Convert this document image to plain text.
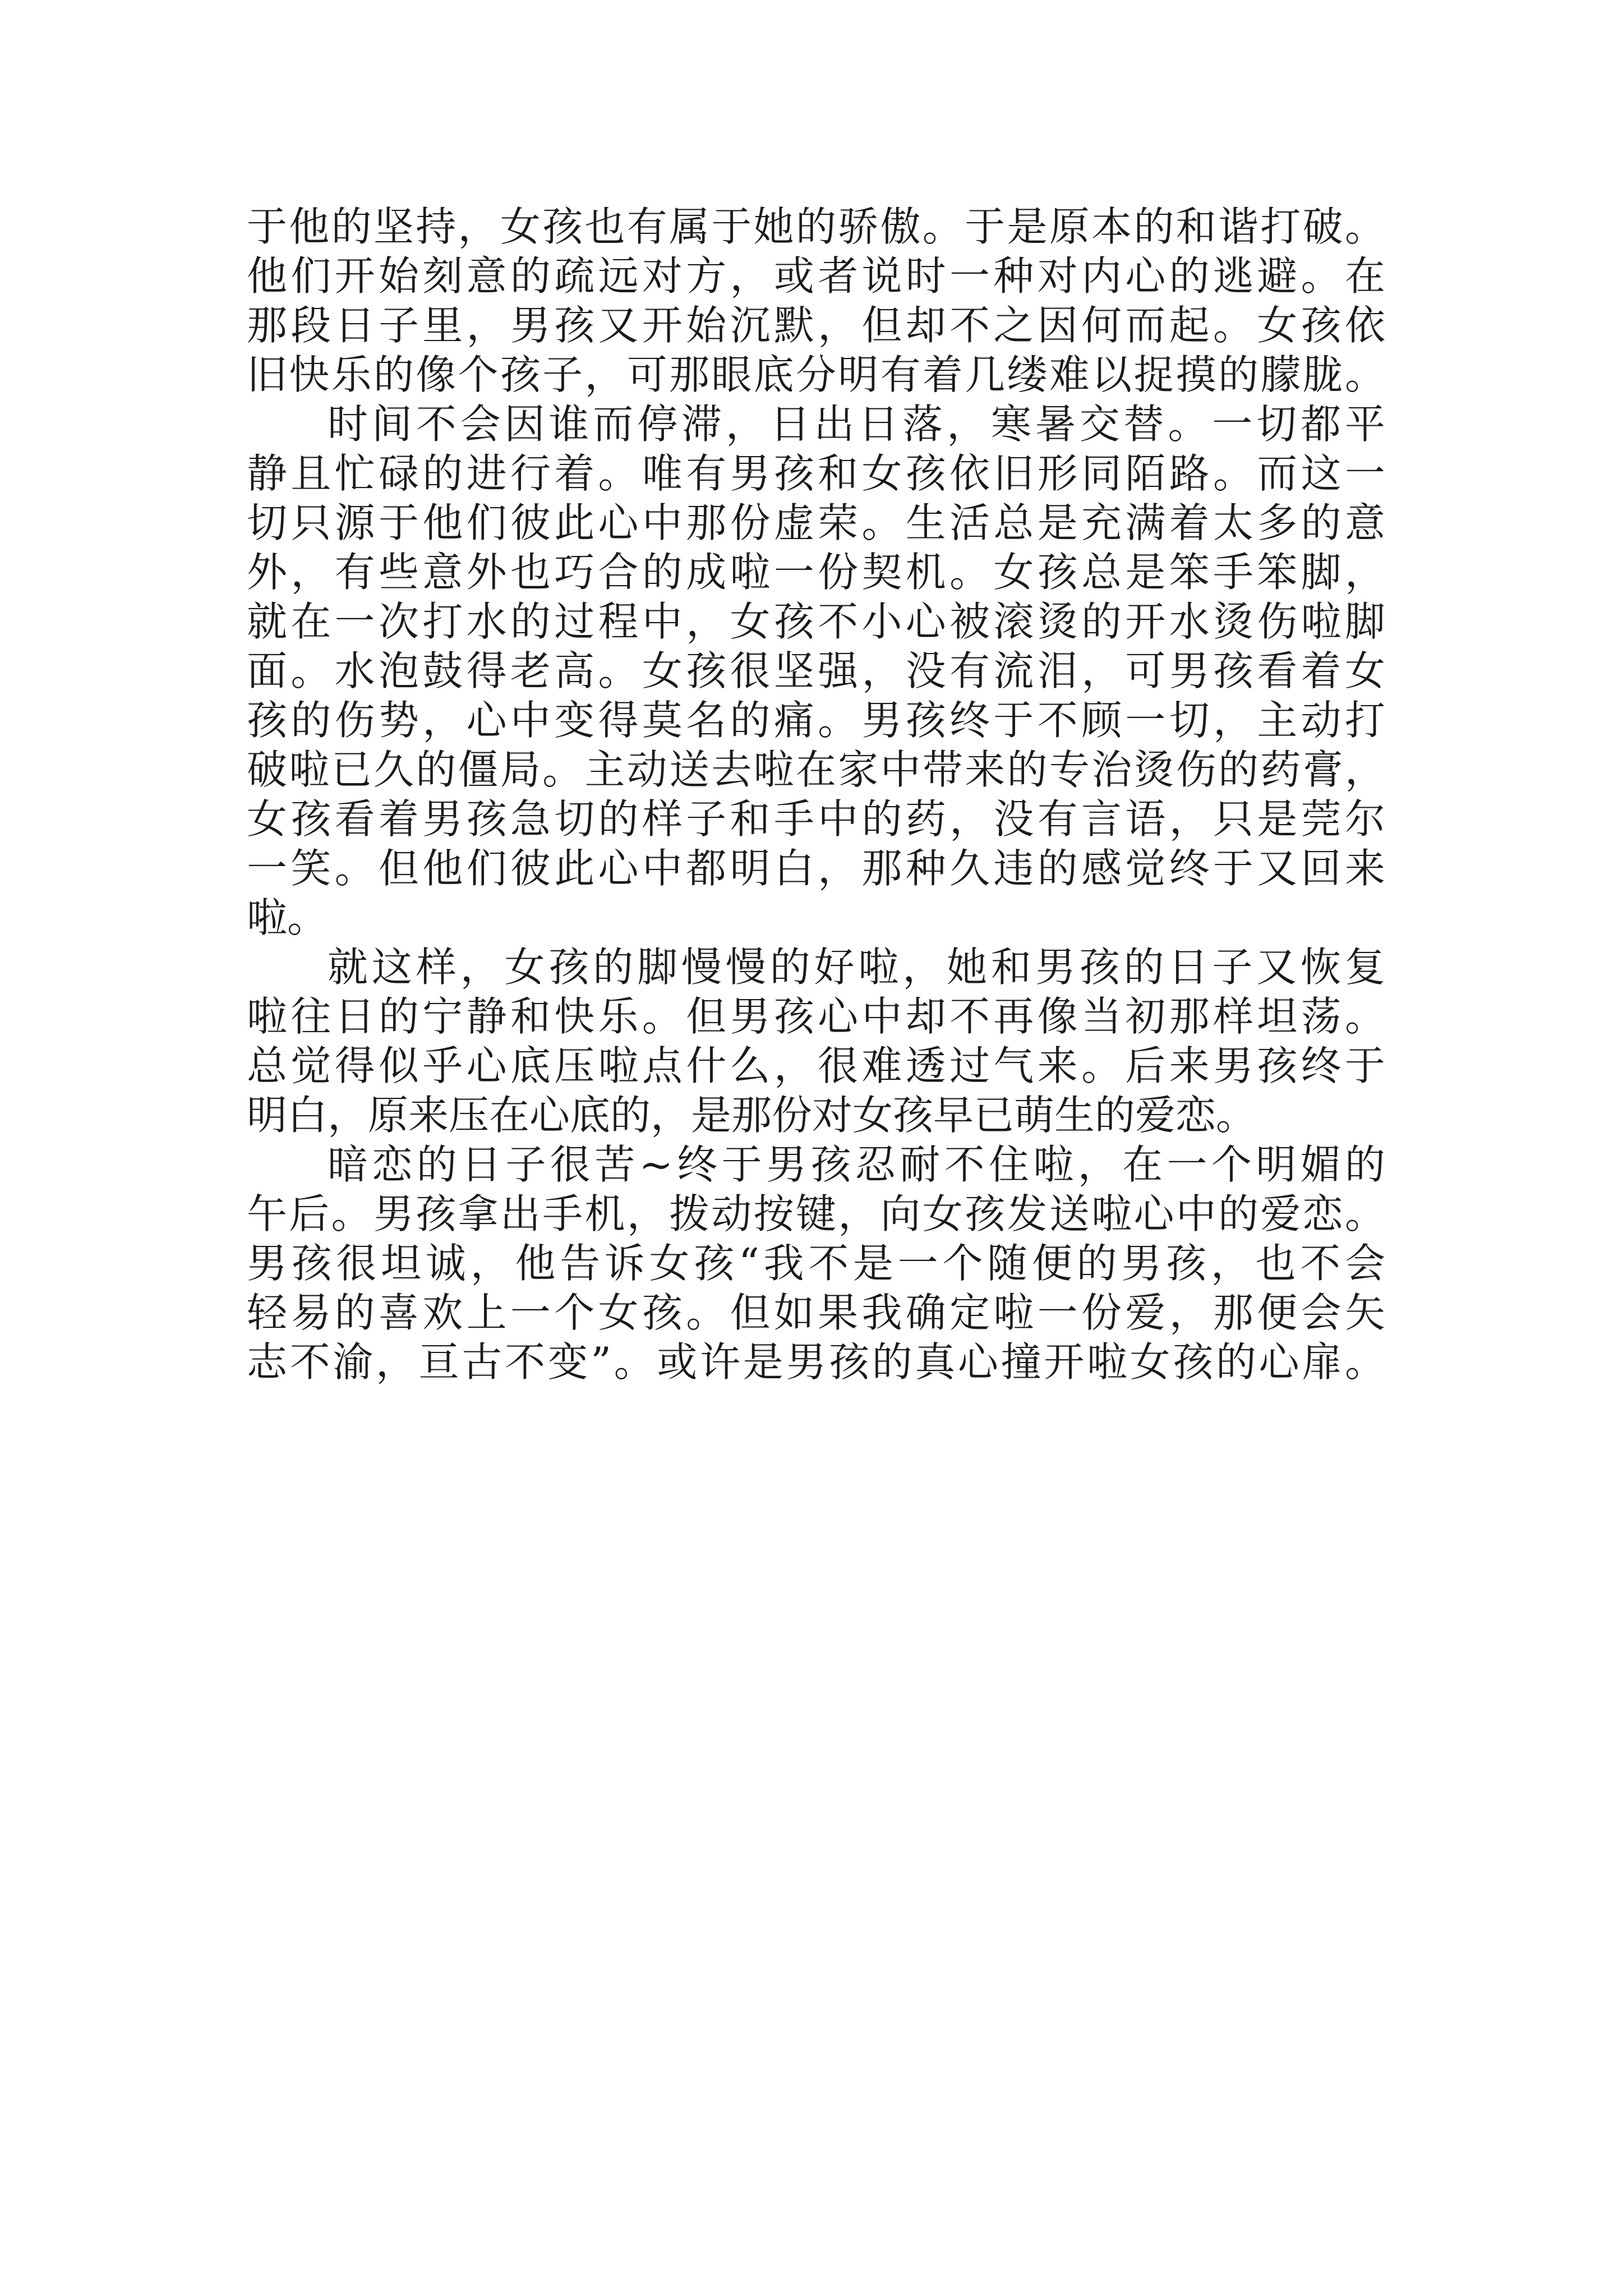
于他的坚持，女孩也有属于她的骄傲。于是原本的和谐打破。
他们开始刻意的疏远对方，或者说时一种对内心的逃避。在
那段日子里，男孩又开始沉默，但却不之因何而起。女孩依
旧快乐的像个孩子，可那眼底分明有着几缕难以捉摸的朦胧。
时间不会因谁而停滞，日出日落，寒暑交替。一切都平
静且忙碌的进行着。唯有男孩和女孩依旧形同陌路。而这一
切只源于他们彼此心中那份虚荣。生活总是充满着太多的意
外，有些意外也巧合的成啦一份契机。女孩总是笨手笨脚，
就在一次打水的过程中，女孩不小心被滚烫的开水烫伤啦脚
面。水泡鼓得老高。女孩很坚强，没有流泪，可男孩看着女
孩的伤势，心中变得莫名的痛。男孩终于不顾一切，主动打
破啦已久的僵局。主动送去啦在家中带来的专治烫伤的药膏，
女孩看着男孩急切的样子和手中的药，没有言语，只是莞尔
一笑。但他们彼此心中都明白，那种久违的感觉终于又回来
啦。
就这样，女孩的脚慢慢的好啦，她和男孩的日子又恢复
啦往日的宁静和快乐。但男孩心中却不再像当初那样坦荡。
总觉得似乎心底压啦点什么，很难透过气来。后来男孩终于
明白，原来压在心底的，是那份对女孩早已萌生的爱恋。
暗恋的日子很苦~终于男孩忍耐不住啦，在一个明媚的
午后。男孩拿出手机，拨动按键，向女孩发送啦心中的爱恋。
男孩很坦诚，他告诉女孩“我不是一个随便的男孩，也不会
轻易的喜欢上一个女孩。但如果我确定啦一份爱，那便会矢
志不渝，亘古不变”。或许是男孩的真心撞开啦女孩的心扉。
